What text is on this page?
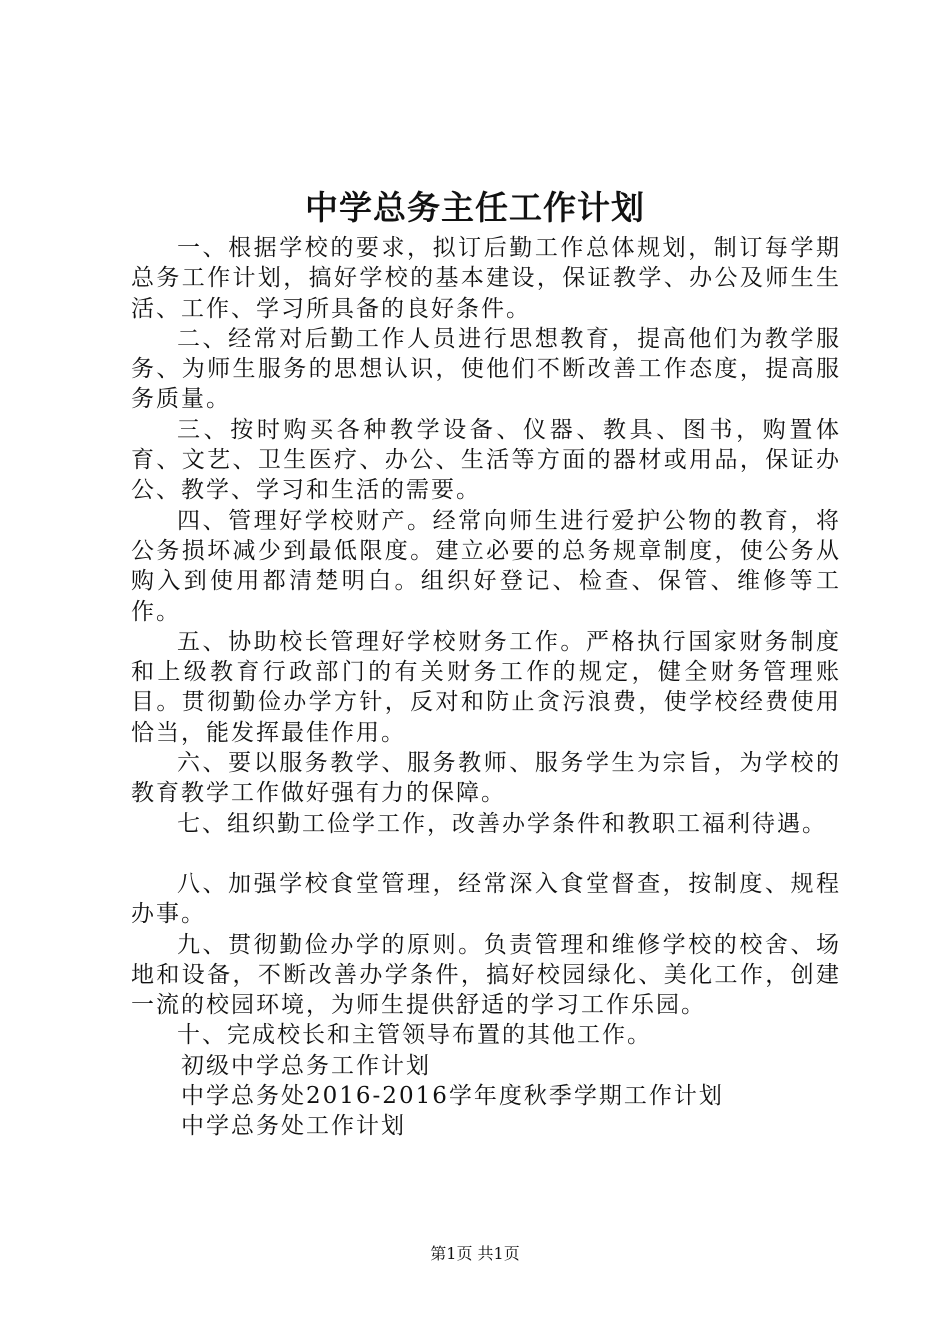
中学总务主任工作计划

一、根据学校的要求，拟订后勤工作总体规划，制订每学期总务工作计划，搞好学校的基本建设，保证教学、办公及师生生活、工作、学习所具备的良好条件。

二、经常对后勤工作人员进行思想教育，提高他们为教学服务、为师生服务的思想认识，使他们不断改善工作态度，提高服务质量。

三、按时购买各种教学设备、仪器、教具、图书，购置体育、文艺、卫生医疗、办公、生活等方面的器材或用品，保证办公、教学、学习和生活的需要。

四、管理好学校财产。经常向师生进行爱护公物的教育，将公务损坏减少到最低限度。建立必要的总务规章制度，使公务从购入到使用都清楚明白。组织好登记、检查、保管、维修等工作。

五、协助校长管理好学校财务工作。严格执行国家财务制度和上级教育行政部门的有关财务工作的规定，健全财务管理账目。贯彻勤俭办学方针，反对和防止贪污浪费，使学校经费使用恰当，能发挥最佳作用。

六、要以服务教学、服务教师、服务学生为宗旨，为学校的教育教学工作做好强有力的保障。

七、组织勤工俭学工作，改善办学条件和教职工福利待遇。

八、加强学校食堂管理，经常深入食堂督查，按制度、规程办事。

九、贯彻勤俭办学的原则。负责管理和维修学校的校舍、场地和设备，不断改善办学条件，搞好校园绿化、美化工作，创建一流的校园环境，为师生提供舒适的学习工作乐园。

十、完成校长和主管领导布置的其他工作。

初级中学总务工作计划

中学总务处2016-2016学年度秋季学期工作计划

中学总务处工作计划

第1页 共1页
